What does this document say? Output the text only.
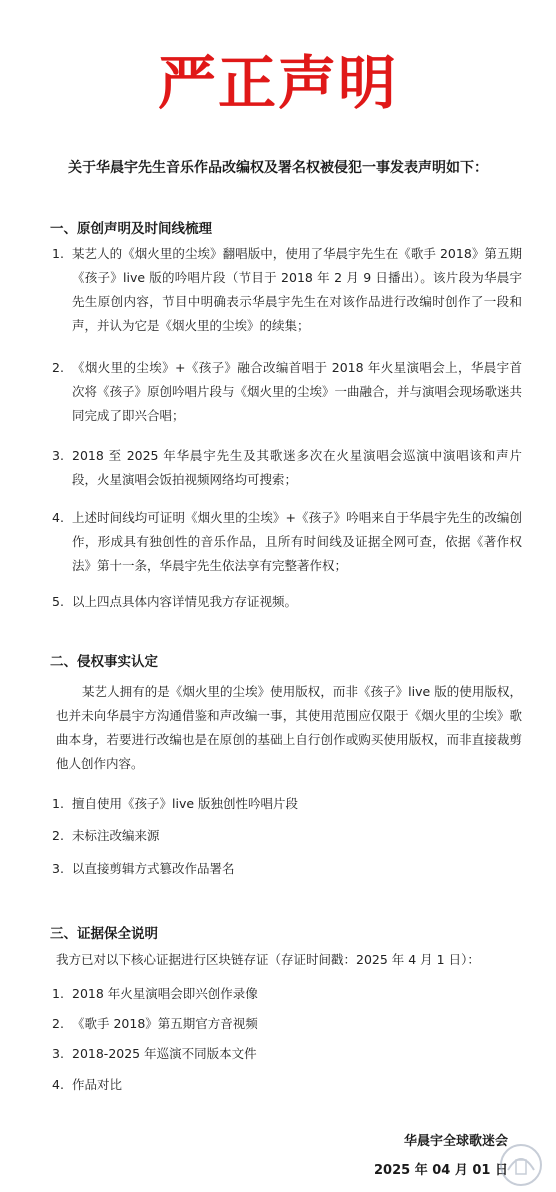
严正声明

关于华晨宇先生音乐作品改编权及署名权被侵犯一事发表声明如下：

一、原创声明及时间线梳理
1. 某艺人的《烟火里的尘埃》翻唱版中，使用了华晨宇先生在《歌手 2018》第五期《孩子》live 版的吟唱片段（节目于 2018 年 2 月 9 日播出）。该片段为华晨宇先生原创内容，节目中明确表示华晨宇先生在对该作品进行改编时创作了一段和声，并认为它是《烟火里的尘埃》的续集；
2. 《烟火里的尘埃》+《孩子》融合改编首唱于 2018 年火星演唱会上，华晨宇首次将《孩子》原创吟唱片段与《烟火里的尘埃》一曲融合，并与演唱会现场歌迷共同完成了即兴合唱；
3. 2018 至 2025 年华晨宇先生及其歌迷多次在火星演唱会巡演中演唱该和声片段，火星演唱会饭拍视频网络均可搜索；
4. 上述时间线均可证明《烟火里的尘埃》+《孩子》吟唱来自于华晨宇先生的改编创作，形成具有独创性的音乐作品，且所有时间线及证据全网可查，依据《著作权法》第十一条，华晨宇先生依法享有完整著作权；
5. 以上四点具体内容详情见我方存证视频。
二、侵权事实认定

某艺人拥有的是《烟火里的尘埃》使用版权，而非《孩子》live 版的使用版权，也并未向华晨宇方沟通借鉴和声改编一事，其使用范围应仅限于《烟火里的尘埃》歌曲本身，若要进行改编也是在原创的基础上自行创作或购买使用版权，而非直接裁剪他人创作内容。

1. 擅自使用《孩子》live 版独创性吟唱片段
2. 未标注改编来源
3. 以直接剪辑方式篡改作品署名
三、证据保全说明

我方已对以下核心证据进行区块链存证（存证时间戳：2025 年 4 月 1 日）：

1. 2018 年火星演唱会即兴创作录像
2. 《歌手 2018》第五期官方音视频
3. 2018-2025 年巡演不同版本文件
4. 作品对比
华晨宇全球歌迷会
2025 年 04 月 01 日
